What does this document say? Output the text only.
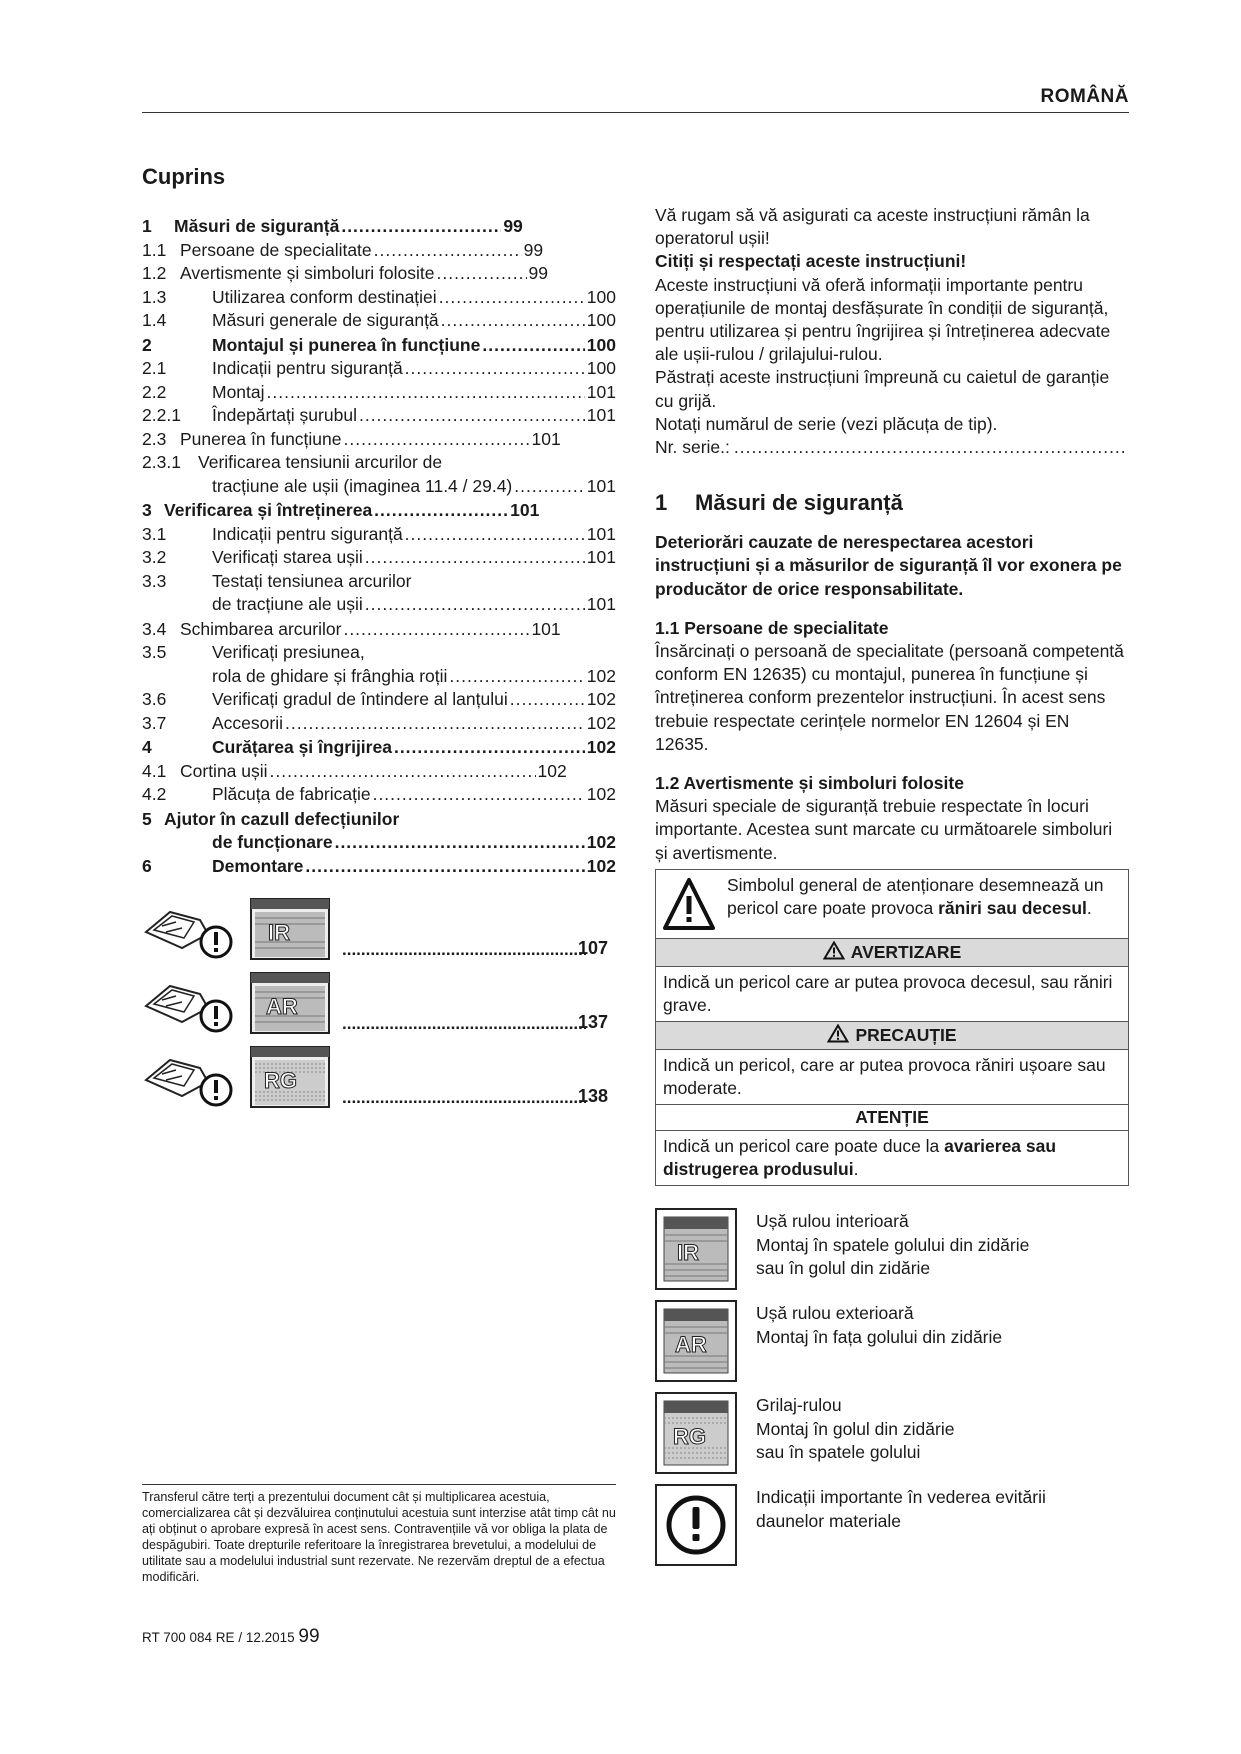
ROMÂNĂ
Cuprins
1	Măsuri de siguranță .....	99
1.1 Persoane de specialitate .....	99
1.2 Avertismente și simboluri folosite .....	99
1.3	Utilizarea conform destinației .....	100
1.4	Măsuri generale de siguranță .....	100
2	Montajul și punerea în funcțiune .....	100
2.1	Indicații pentru siguranță .....	100
2.2	Montaj .....	101
2.2.1	Îndepărtați șurubul .....	101
2.3 Punerea în funcțiune .....	101
2.3.1 Verificarea tensiunii arcurilor de
tracțiune ale ușii (imaginea 11.4 / 29.4) .....	101
3 Verificarea și întreținerea .....	101
3.1	Indicații pentru siguranță .....	101
3.2	Verificați starea ușii .....	101
3.3	Testați tensiunea arcurilor
de tracțiune ale ușii .....	101
3.4 Schimbarea arcurilor .....	101
3.5	Verificați presiunea,
rola de ghidare și frânghia roții .....	102
3.6	Verificați gradul de întindere al lanțului .....	102
3.7	Accesorii .....	102
4	Curățarea și îngrijirea .....	102
4.1 Cortina ușii .....	102
4.2	Plăcuța de fabricație .....	102
5 Ajutor în cazull defecțiunilor
de funcționare .....	102
6	Demontare .....	102
IR
.....
107
AR
.....
137
RG
.....
138

Vă rugam să vă asigurati ca aceste instrucțiuni rămân la operatorul ușii!

Citiți și respectați aceste instrucțiuni!

Aceste instrucțiuni vă oferă informații importante pentru operațiunile de montaj desfășurate în condiții de siguranță, pentru utilizarea și pentru îngrijirea și întreținerea adecvate ale ușii-rulou / grilajului-rulou.

Păstrați aceste instrucțiuni împreună cu caietul de garanție cu grijă.

Notați numărul de serie (vezi plăcuța de tip).

Nr. serie.:
.....

1	Măsuri de siguranță

Deteriorări cauzate de nerespectarea acestori instrucțiuni și a măsurilor de siguranță îl vor exonera pe producător de orice responsabilitate.

1.1 Persoane de specialitate

Însărcinați o persoană de specialitate (persoană competentă conform EN 12635) cu montajul, punerea în funcțiune și întreținerea conform prezentelor instrucțiuni. În acest sens trebuie respectate cerințele normelor EN 12604 și EN 12635.

1.2 Avertismente și simboluri folosite

Măsuri speciale de siguranță trebuie respectate în locuri importante. Acestea sunt marcate cu următoarele simboluri și avertismente.

Simbolul general de atenționare desemnează un pericol care poate provoca răniri sau decesul.

AVERTIZARE
Indică un pericol care ar putea provoca decesul, sau răniri grave.
PRECAUȚIE
Indică un pericol, care ar putea provoca răniri ușoare sau moderate.
ATENȚIE
Indică un pericol care poate duce la avarierea sau distrugerea produsului.
IR
Ușă rulou interioară
Montaj în spatele golului din zidărie
sau în golul din zidărie
AR
Ușă rulou exterioară
Montaj în fața golului din zidărie
RG
Grilaj-rulou
Montaj în golul din zidărie
sau în spatele golului
Indicații importante în vederea evitării
daunelor materiale
Transferul către terți a prezentului document cât și multiplicarea acestuia, comercializarea cât și dezvăluirea conținutului acestuia sunt interzise atât timp cât nu ați obținut o aprobare expresă în acest sens. Contravențiile vă vor obliga la plata de despăgubiri. Toate drepturile referitoare la înregistrarea brevetului, a modelului de utilitate sau a modelului industrial sunt rezervate. Ne rezervăm dreptul de a efectua modificări.
RT 700 084 RE / 12.2015 99
